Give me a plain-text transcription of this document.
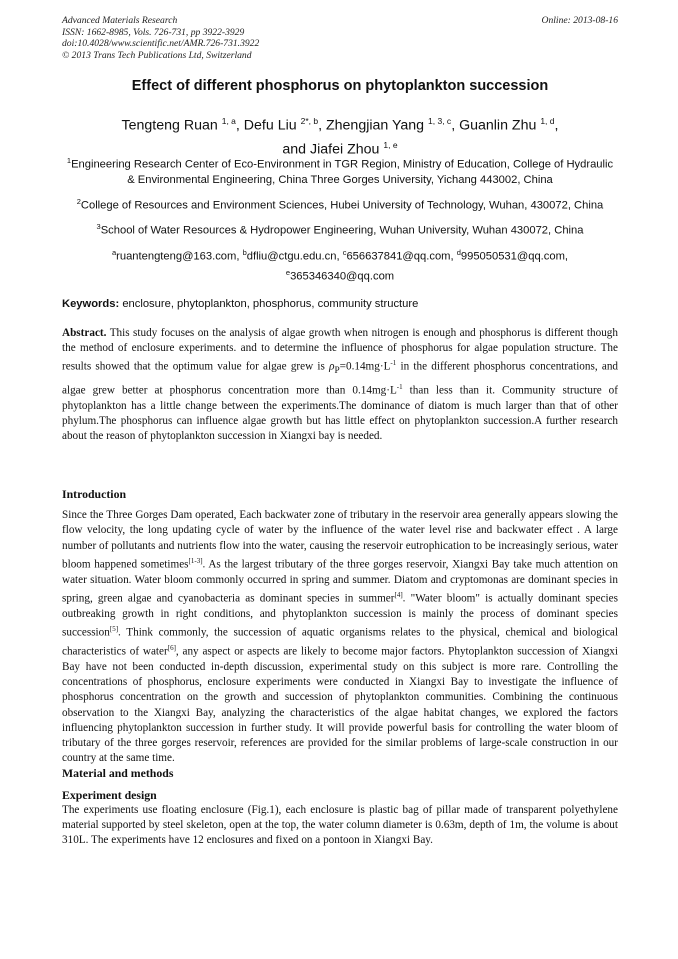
Advanced Materials Research
ISSN: 1662-8985, Vols. 726-731, pp 3922-3929
doi:10.4028/www.scientific.net/AMR.726-731.3922
© 2013 Trans Tech Publications Ltd, Switzerland
Online: 2013-08-16
Effect of different phosphorus on phytoplankton succession
Tengteng Ruan $^{1, a}$, Defu Liu $^{2*, b}$, Zhengjian Yang $^{1, 3, c}$, Guanlin Zhu $^{1, d}$,
and Jiafei Zhou $^{1, e}$

$^1$Engineering Research Center of Eco-Environment in TGR Region, Ministry of Education, College of Hydraulic & Environmental Engineering, China Three Gorges University, Yichang 443002, China

$^2$College of Resources and Environment Sciences, Hubei University of Technology, Wuhan, 430072, China

$^3$School of Water Resources & Hydropower Engineering, Wuhan University, Wuhan 430072, China

$^a$ruantengteng@163.com, $^b$dfliu@ctgu.edu.cn, $^c$656637841@qq.com, $^d$995050531@qq.com,
$^e$365346340@qq.com

Keywords: enclosure, phytoplankton, phosphorus, community structure

Abstract. This study focuses on the analysis of algae growth when nitrogen is enough and phosphorus is different though the method of enclosure experiments. and to determine the influence of phosphorus for algae population structure. The results showed that the optimum value for algae grew is $\rho_P=0.14mg\cdot L^{-1}$ in the different phosphorus concentrations, and algae grew better at phosphorus concentration more than $0.14mg\cdot L^{-1}$ than less than it. Community structure of phytoplankton has a little change between the experiments.The dominance of diatom is much larger than that of other phylum.The phosphorus can influence algae growth but has little effect on phytoplankton succession.A further research about the reason of phytoplankton succession in Xiangxi bay is needed.

Introduction

Since the Three Gorges Dam operated, Each backwater zone of tributary in the reservoir area generally appears slowing the flow velocity, the long updating cycle of water by the influence of the water level rise and backwater effect . A large number of pollutants and nutrients flow into the water, causing the reservoir eutrophication to be increasingly serious, water bloom happened sometimes[1-3]. As the largest tributary of the three gorges reservoir, Xiangxi Bay take much attention on water situation. Water bloom commonly occurred in spring and summer. Diatom and cryptomonas are dominant species in spring, green algae and cyanobacteria as dominant species in summer[4]. "Water bloom" is actually dominant species outbreaking growth in right conditions, and phytoplankton succession is mainly the process of dominant species succession[5]. Think commonly, the succession of aquatic organisms relates to the physical, chemical and biological characteristics of water[6], any aspect or aspects are likely to become major factors. Phytoplankton succession of Xiangxi Bay have not been conducted in-depth discussion, experimental study on this subject is more rare. Controlling the concentrations of phosphorus, enclosure experiments were conducted in Xiangxi Bay to investigate the influence of phosphorus concentration on the growth and succession of phytoplankton communities. Combining the continuous observation to the Xiangxi Bay, analyzing the characteristics of the algae habitat changes, we explored the factors influencing phytoplankton succession in further study. It will provide powerful basis for controlling the water bloom of tributary of the three gorges reservoir, references are provided for the similar problems of large-scale construction in our country at the same time.

Material and methods

Experiment design

The experiments use floating enclosure (Fig.1), each enclosure is plastic bag of pillar made of transparent polyethylene material supported by steel skeleton, open at the top, the water column diameter is 0.63m, depth of 1m, the volume is about 310L. The experiments have 12 enclosures and fixed on a pontoon in Xiangxi Bay.
